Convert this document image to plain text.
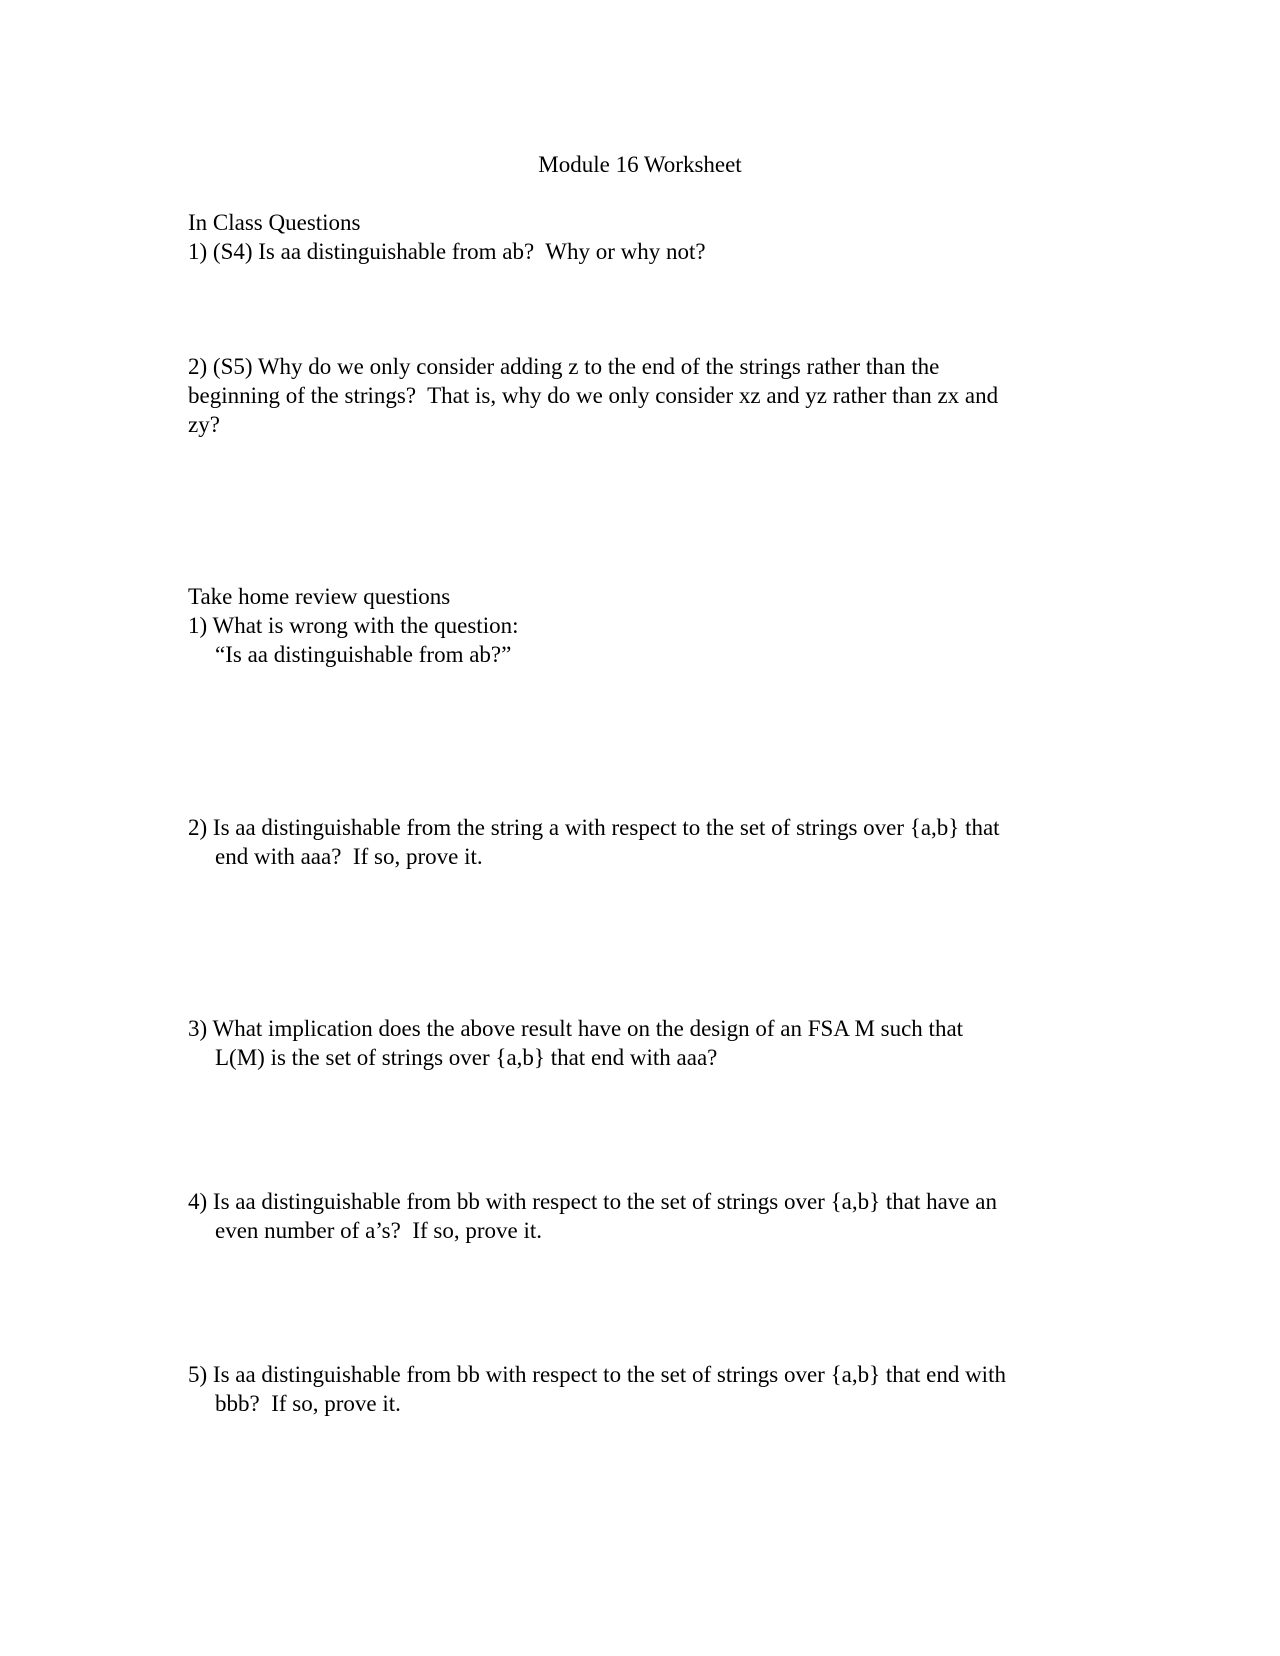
Module 16 Worksheet
In Class Questions
1) (S4) Is aa distinguishable from ab?  Why or why not?
2) (S5) Why do we only consider adding z to the end of the strings rather than the
beginning of the strings?  That is, why do we only consider xz and yz rather than zx and
zy?
Take home review questions
1) What is wrong with the question:
“Is aa distinguishable from ab?”
2) Is aa distinguishable from the string a with respect to the set of strings over {a,b} that
end with aaa?  If so, prove it.
3) What implication does the above result have on the design of an FSA M such that
L(M) is the set of strings over {a,b} that end with aaa?
4) Is aa distinguishable from bb with respect to the set of strings over {a,b} that have an
even number of a’s?  If so, prove it.
5) Is aa distinguishable from bb with respect to the set of strings over {a,b} that end with
bbb?  If so, prove it.
